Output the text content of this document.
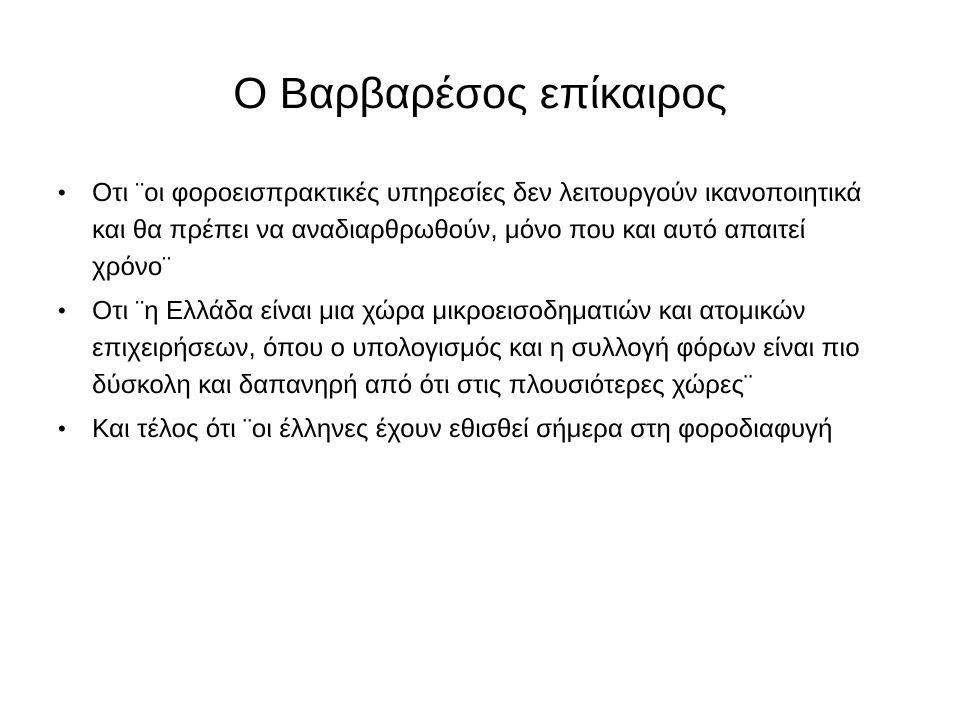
Ο Βαρβαρέσος επίκαιρος
• Οτι ¨οι φοροεισπρακτικές υπηρεσίες δεν λειτουργούν ικανοποιητικά και θα πρέπει να αναδιαρθρωθούν, μόνο που και αυτό απαιτεί χρόνο¨
• Οτι ¨η Ελλάδα είναι μια χώρα μικροεισοδηματιών και ατομικών επιχειρήσεων, όπου ο υπολογισμός και η συλλογή φόρων είναι πιο δύσκολη και δαπανηρή από ότι στις πλουσιότερες χώρες¨
• Και τέλος ότι ¨οι έλληνες έχουν εθισθεί σήμερα στη φοροδιαφυγή
